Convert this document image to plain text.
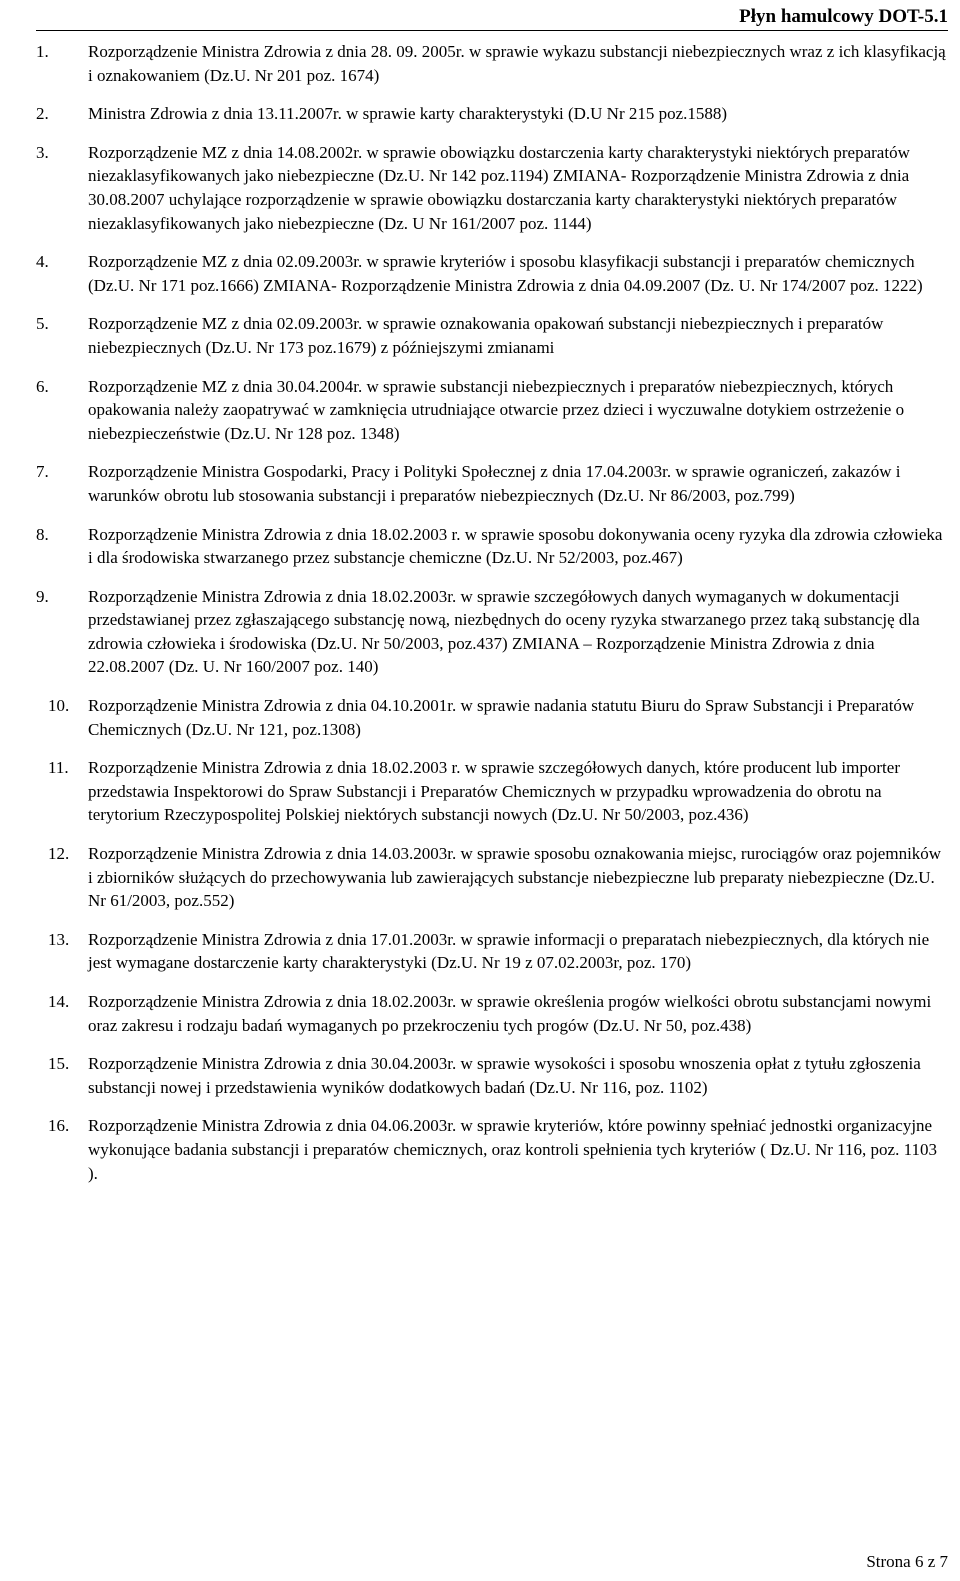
Płyn hamulcowy DOT-5.1
1.	Rozporządzenie Ministra Zdrowia z dnia 28. 09. 2005r. w sprawie wykazu substancji niebezpiecznych wraz z ich klasyfikacją i oznakowaniem (Dz.U. Nr 201 poz. 1674)
2.	Ministra Zdrowia z dnia 13.11.2007r. w sprawie karty charakterystyki (D.U Nr 215 poz.1588)
3.	Rozporządzenie MZ z dnia 14.08.2002r. w sprawie obowiązku dostarczenia karty charakterystyki niektórych preparatów niezaklasyfikowanych jako niebezpieczne (Dz.U. Nr 142 poz.1194) ZMIANA- Rozporządzenie Ministra Zdrowia z dnia 30.08.2007 uchylające rozporządzenie w sprawie obowiązku dostarczania karty charakterystyki niektórych preparatów niezaklasyfikowanych jako niebezpieczne (Dz. U Nr 161/2007 poz. 1144)
4.	Rozporządzenie MZ z dnia 02.09.2003r. w sprawie kryteriów i sposobu klasyfikacji substancji i preparatów chemicznych (Dz.U. Nr 171 poz.1666) ZMIANA- Rozporządzenie Ministra Zdrowia z dnia 04.09.2007 (Dz. U. Nr 174/2007 poz. 1222)
5.	Rozporządzenie MZ z dnia 02.09.2003r. w sprawie oznakowania opakowań substancji niebezpiecznych i preparatów niebezpiecznych (Dz.U. Nr 173 poz.1679) z późniejszymi zmianami
6.	Rozporządzenie MZ z dnia 30.04.2004r. w sprawie substancji niebezpiecznych i preparatów niebezpiecznych, których opakowania należy zaopatrywać w zamknięcia utrudniające otwarcie przez dzieci i wyczuwalne dotykiem ostrzeżenie o niebezpieczeństwie (Dz.U. Nr 128 poz. 1348)
7.	Rozporządzenie Ministra Gospodarki, Pracy i Polityki Społecznej z dnia 17.04.2003r. w sprawie ograniczeń, zakazów i warunków obrotu lub stosowania substancji i preparatów niebezpiecznych (Dz.U. Nr 86/2003, poz.799)
8.	Rozporządzenie Ministra Zdrowia z dnia 18.02.2003 r. w sprawie sposobu dokonywania oceny ryzyka dla zdrowia człowieka i dla środowiska stwarzanego przez substancje chemiczne (Dz.U. Nr 52/2003, poz.467)
9.	Rozporządzenie Ministra Zdrowia z dnia 18.02.2003r. w sprawie szczegółowych danych wymaganych w dokumentacji przedstawianej przez zgłaszającego substancję nową, niezbędnych do oceny ryzyka stwarzanego przez taką substancję dla zdrowia człowieka i środowiska (Dz.U. Nr 50/2003, poz.437) ZMIANA – Rozporządzenie Ministra Zdrowia z dnia 22.08.2007 (Dz. U. Nr 160/2007 poz. 140)
10.	Rozporządzenie Ministra Zdrowia z dnia 04.10.2001r. w sprawie nadania statutu Biuru do Spraw Substancji i Preparatów Chemicznych (Dz.U. Nr 121, poz.1308)
11.	Rozporządzenie Ministra Zdrowia z dnia 18.02.2003 r. w sprawie szczegółowych danych, które producent lub importer przedstawia Inspektorowi do Spraw Substancji i Preparatów Chemicznych w przypadku wprowadzenia do obrotu na terytorium Rzeczypospolitej Polskiej niektórych substancji nowych (Dz.U. Nr 50/2003, poz.436)
12.	Rozporządzenie Ministra Zdrowia z dnia 14.03.2003r. w sprawie sposobu oznakowania miejsc, rurociągów oraz pojemników i zbiorników służących do przechowywania lub zawierających substancje niebezpieczne lub preparaty niebezpieczne (Dz.U. Nr 61/2003, poz.552)
13.	Rozporządzenie Ministra Zdrowia z dnia 17.01.2003r. w sprawie informacji o preparatach niebezpiecznych, dla których nie jest wymagane dostarczenie karty charakterystyki (Dz.U. Nr 19 z 07.02.2003r, poz. 170)
14.	Rozporządzenie Ministra Zdrowia z dnia 18.02.2003r. w sprawie określenia progów wielkości obrotu substancjami nowymi oraz zakresu i rodzaju badań wymaganych po przekroczeniu tych progów (Dz.U. Nr 50, poz.438)
15.	Rozporządzenie Ministra Zdrowia z dnia 30.04.2003r. w sprawie wysokości i sposobu wnoszenia opłat z tytułu zgłoszenia substancji nowej i przedstawienia wyników dodatkowych badań (Dz.U. Nr 116, poz. 1102)
16.	Rozporządzenie Ministra Zdrowia z dnia 04.06.2003r. w sprawie kryteriów, które powinny spełniać jednostki organizacyjne wykonujące badania substancji i preparatów chemicznych, oraz kontroli spełnienia tych kryteriów ( Dz.U. Nr 116, poz. 1103 ).
Strona 6 z 7
